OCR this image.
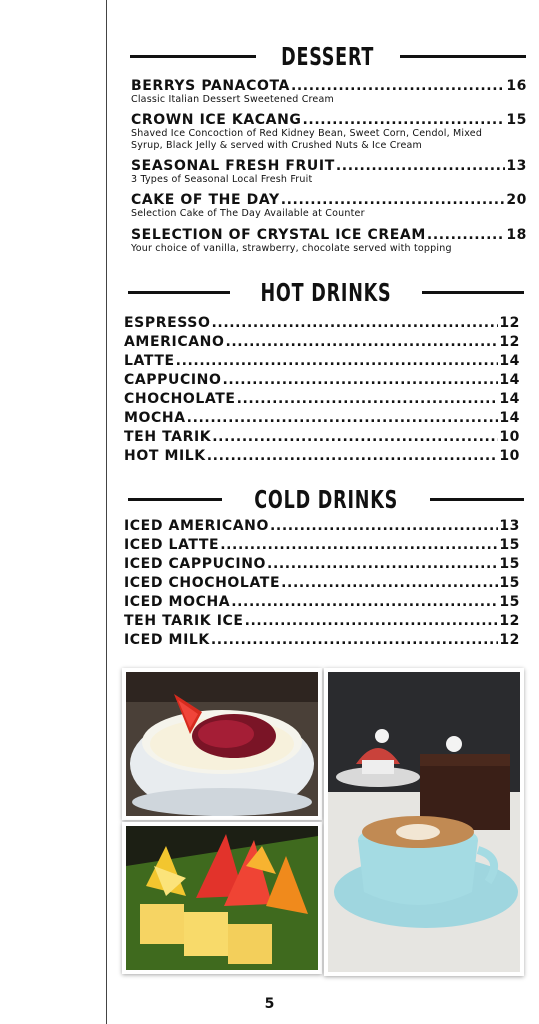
DESSERT
BERRYS PANACOTA .....	16
Classic Italian Dessert Sweetened Cream
CROWN ICE KACANG .....	15
Shaved Ice Concoction of Red Kidney Bean, Sweet Corn, Cendol, Mixed Syrup, Black Jelly & served with Crushed Nuts & Ice Cream
SEASONAL FRESH FRUIT .....	13
3 Types of Seasonal Local Fresh Fruit
CAKE OF THE DAY .....	20
Selection Cake of The Day Available at Counter
SELECTION OF CRYSTAL ICE CREAM .....	18
Your choice of vanilla, strawberry, chocolate served with topping
HOT DRINKS
ESPRESSO .....	12
AMERICANO .....	12
LATTE .....	14
CAPPUCINO .....	14
CHOCHOLATE .....	14
MOCHA .....	14
TEH TARIK .....	10
HOT MILK .....	10
COLD DRINKS
ICED AMERICANO .....	13
ICED LATTE .....	15
ICED CAPPUCINO .....	15
ICED CHOCHOLATE .....	15
ICED MOCHA .....	15
TEH TARIK ICE .....	12
ICED MILK .....	12
5
